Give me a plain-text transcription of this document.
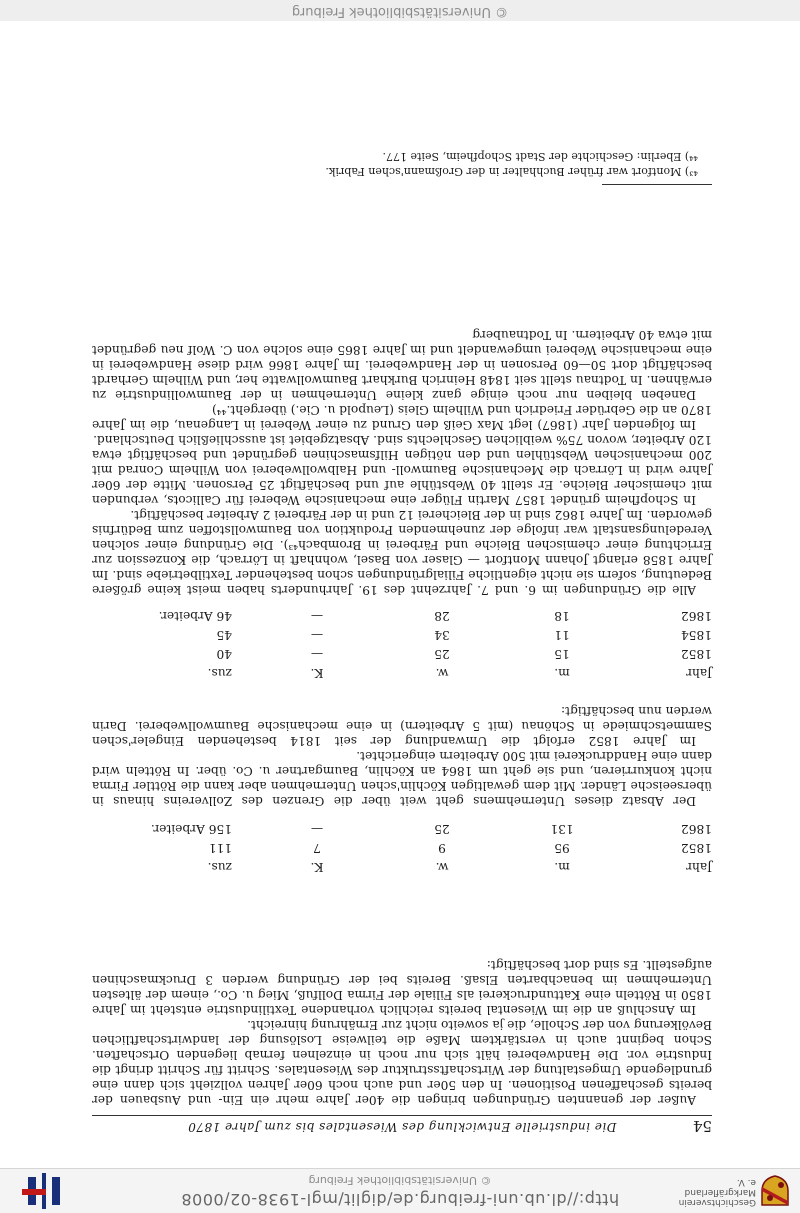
Geschichtsverein Markgräflerland e. V.
http://dl.ub.uni-freiburg.de/diglit/mgl-1938-02/0008
© Universitätsbibliothek Freiburg
54
Die industrielle Entwicklung des Wiesentales bis zum Jahre 1870

Außer der genannten Gründungen bringen die 40er Jahre mehr ein Ein- und Ausbauen der bereits geschaffenen Positionen. In den 50er und auch noch 60er Jahren vollzieht sich dann eine grundlegende Umgestaltung der Wirtschaftsstruktur des Wiesentales. Schritt für Schritt dringt die Industrie vor. Die Handweberei hält sich nur noch in einzelnen fernab liegenden Ortschaften. Schon beginnt auch in verstärktem Maße die teilweise Loslösung der landwirtschaftlichen Bevölkerung von der Scholle, die ja soweito nicht zur Ernährung hinreicht.

Im Anschluß an die im Wiesental bereits reichlich vorhandene Textilindustrie entsteht im Jahre 1850 in Rötteln eine Kattundruckerei als Filiale der Firma Dollfuß, Mieg u. Co., einem der ältesten Unternehmen im benachbarten Elsaß. Bereits bei der Gründung werden 3 Druckmaschinen aufgestellt. Es sind dort beschäftigt:

Jahr	m.	w.	K.	zus.
1852	95	9	7	111
1862	131	25	—	156 Arbeiter.

Der Absatz dieses Unternehmens geht weit über die Grenzen des Zollvereins hinaus in überseeische Länder. Mit dem gewaltigen Köchlin'schen Unternehmen aber kann die Röttler Firma nicht konkurrieren, und sie geht um 1864 an Köchlin, Baumgartner u. Co. über. In Rötteln wird dann eine Handdruckerei mit 500 Arbeitern eingerichtet.

Im Jahre 1852 erfolgt die Umwandlung der seit 1814 bestehenden Eingeler'schen Sammetschmiede in Schönau (mit 5 Arbeitern) in eine mechanische Baumwollweberei. Darin werden nun beschäftigt:

Jahr	m.	w.	K.	zus.
1852	15	25	—	40
1854	11	34	—	45
1862	18	28	—	46 Arbeiter.

Alle die Gründungen im 6. und 7. Jahrzehnt des 19. Jahrhunderts haben meist keine größere Bedeutung, sofern sie nicht eigentliche Filialgründungen schon bestehender Textilbetriebe sind. Im Jahre 1858 erlangt Johann Montfort — Glaser von Basel, wohnhaft in Lörrach, die Konzession zur Errichtung einer chemischen Bleiche und Färberei in Brombach⁴³). Die Gründung einer solchen Veredelungsanstalt war infolge der zunehmenden Produktion von Baumwollstoffen zum Bedürfnis geworden. Im Jahre 1862 sind in der Bleicherei 12 und in der Färberei 2 Arbeiter beschäftigt.

In Schopfheim gründet 1857 Martin Flüger eine mechanische Weberei für Callicots, verbunden mit chemischer Bleiche. Er stellt 40 Webstühle auf und beschäftigt 25 Personen. Mitte der 60er Jahre wird in Lörrach die Mechanische Baumwoll- und Halbwollweberei von Wilhelm Conrad mit 200 mechanischen Webstühlen und den nötigen Hilfsmaschinen gegründet und beschäftigt etwa 120 Arbeiter, wovon 75% weiblichen Geschlechts sind. Absatzgebiet ist ausschließlich Deutschland.

Im folgenden Jahr (1867) legt Max Geiß den Grund zu einer Weberei in Langenau, die im Jahre 1870 an die Gebrüder Friedrich und Wilhelm Gleis (Leupold u. Cie.) übergeht.⁴⁴)

Daneben bleiben nur noch einige ganz kleine Unternehmen in der Baumwollindustrie zu erwähnen. In Todtnau stellt seit 1848 Heinrich Burkhart Baumwollwatte her, und Wilhelm Gerhardt beschäftigt dort 50—60 Personen in der Handweberei. Im Jahre 1866 wird diese Handweberei in eine mechanische Weberei umgewandelt und im Jahre 1865 eine solche von C. Wolf neu gegründet mit etwa 40 Arbeitern. In Todtnauberg

⁴³) Montfort war früher Buchhalter in der Großmann'schen Fabrik.
⁴⁴) Eberlin: Geschichte der Stadt Schopfheim, Seite 177.
© Universitätsbibliothek Freiburg
